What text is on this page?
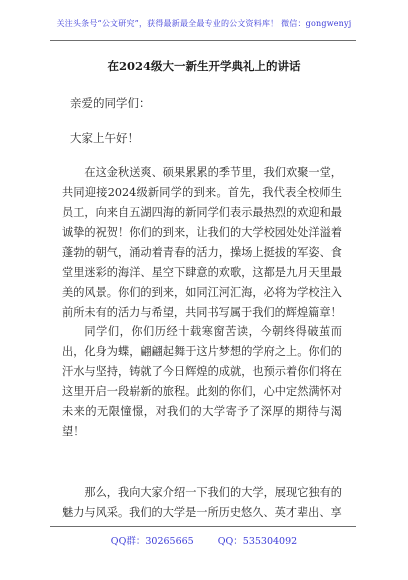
关注头条号“公文研究”，获得最新最全最专业的公文资料库！ 微信：gongwenyj
在2024级大一新生开学典礼上的讲话
亲爱的同学们：
大家上午好！

在这金秋送爽、硕果累累的季节里，我们欢聚一堂，共同迎接2024级新同学的到来。首先，我代表全校师生员工，向来自五湖四海的新同学们表示最热烈的欢迎和最诚挚的祝贺！你们的到来，让我们的大学校园处处洋溢着蓬勃的朝气，涌动着青春的活力，操场上挺拔的军姿、食堂里迷彩的海洋、星空下肆意的欢歌，这都是九月天里最美的风景。你们的到来，如同江河汇海，必将为学校注入前所未有的活力与希望，共同书写属于我们的辉煌篇章！

同学们，你们历经十载寒窗苦读，今朝终得破茧而出，化身为蝶，翩翩起舞于这片梦想的学府之上。你们的汗水与坚持，铸就了今日辉煌的成就，也预示着你们将在这里开启一段崭新的旅程。此刻的你们，心中定然满怀对未来的无限憧憬，对我们的大学寄予了深厚的期待与渴望！

那么，我向大家介绍一下我们的大学，展现它独有的魅力与风采。我们的大学是一所历史悠久、英才辈出、享

QQ群：30265665	QQ：535304092
